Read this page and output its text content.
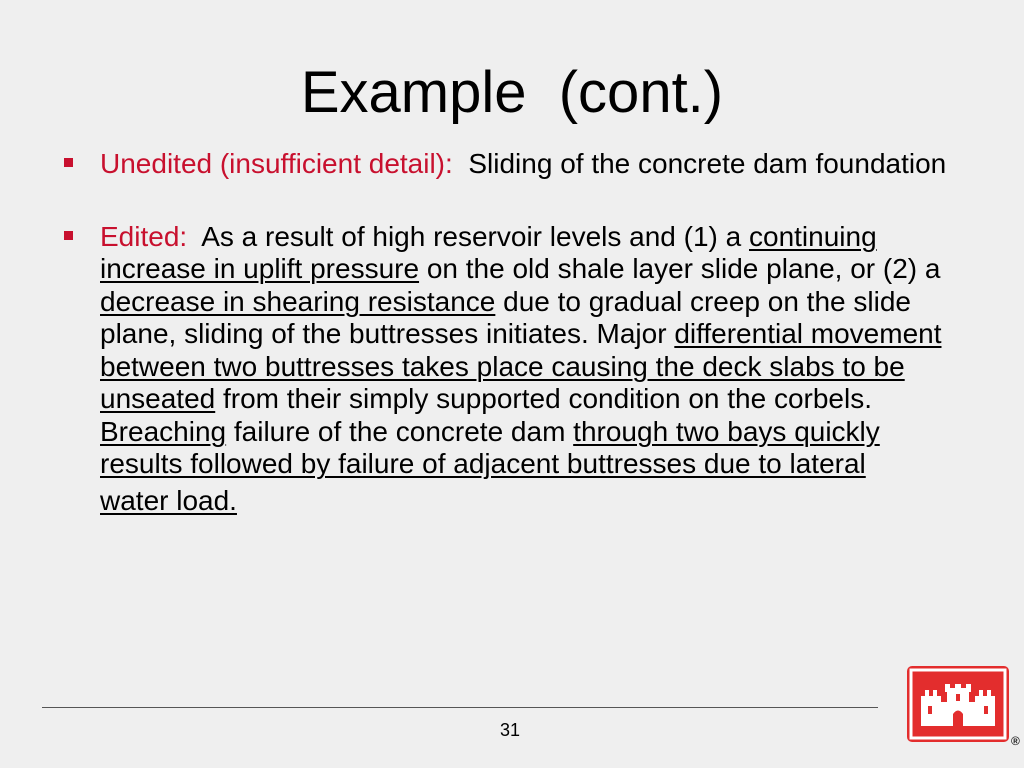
Example  (cont.)
Unedited (insufficient detail): Sliding of the concrete dam foundation
Edited: As a result of high reservoir levels and (1) a continuing increase in uplift pressure on the old shale layer slide plane, or (2) a decrease in shearing resistance due to gradual creep on the slide plane, sliding of the buttresses initiates. Major differential movement between two buttresses takes place causing the deck slabs to be unseated from their simply supported condition on the corbels.  Breaching failure of the concrete dam through two bays quickly results followed by failure of adjacent buttresses due to lateral
water load.
31
®
